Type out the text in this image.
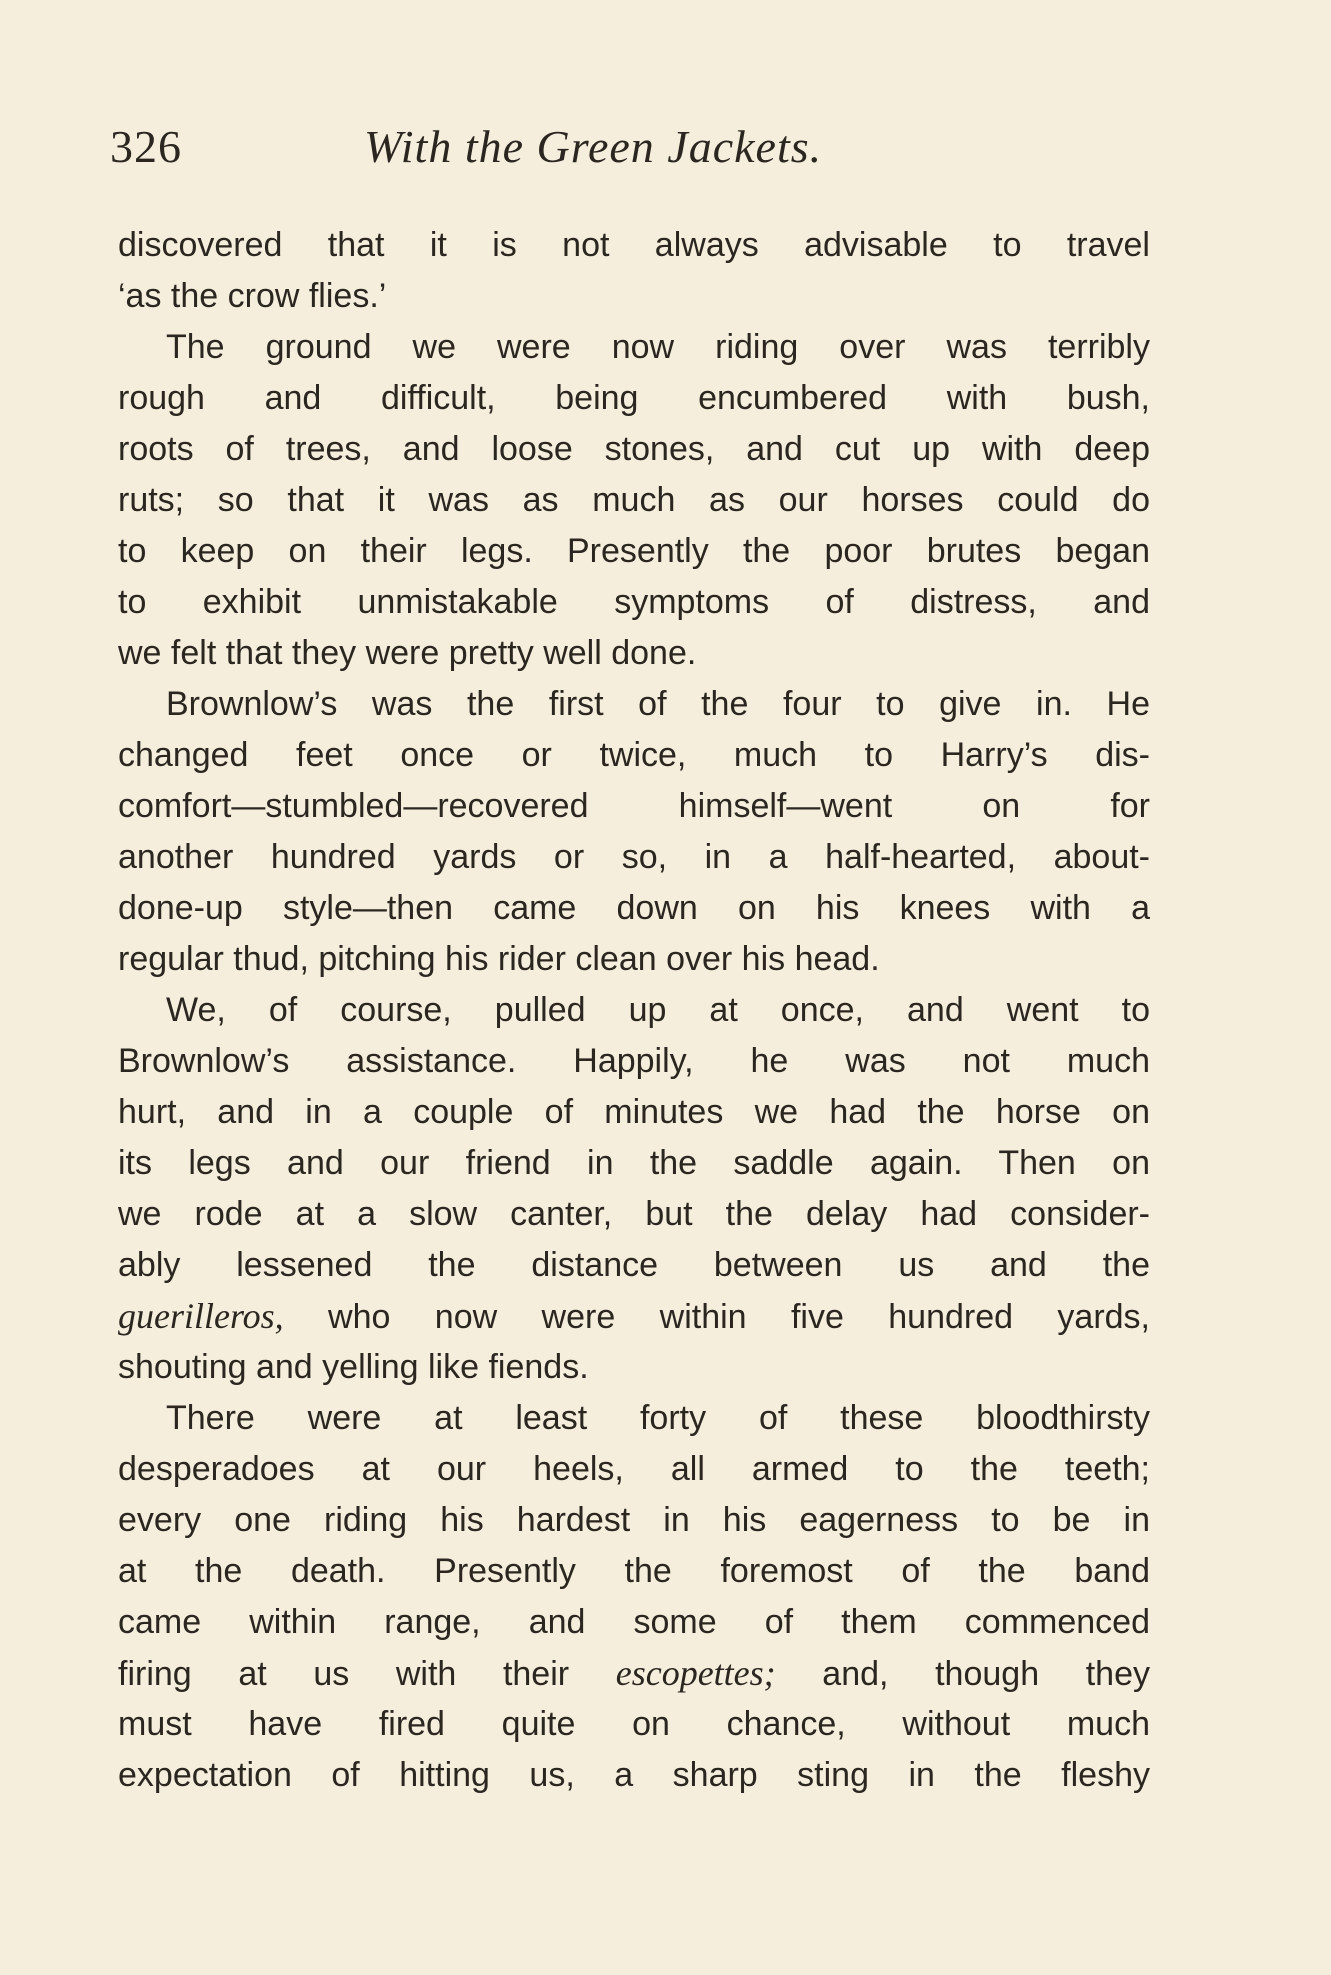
326	With the Green Jackets.
discovered that it is not always advisable to travel
‘as the crow flies.’
The ground we were now riding over was terribly
rough and difficult, being encumbered with bush,
roots of trees, and loose stones, and cut up with deep
ruts; so that it was as much as our horses could do
to keep on their legs. Presently the poor brutes began
to exhibit unmistakable symptoms of distress, and
we felt that they were pretty well done.
Brownlow’s was the first of the four to give in. He
changed feet once or twice, much to Harry’s dis-
comfort—stumbled—recovered himself—went on for
another hundred yards or so, in a half-hearted, about-
done-up style—then came down on his knees with a
regular thud, pitching his rider clean over his head.
We, of course, pulled up at once, and went to
Brownlow’s assistance. Happily, he was not much
hurt, and in a couple of minutes we had the horse on
its legs and our friend in the saddle again. Then on
we rode at a slow canter, but the delay had consider-
ably lessened the distance between us and the
guerilleros, who now were within five hundred yards,
shouting and yelling like fiends.
There were at least forty of these bloodthirsty
desperadoes at our heels, all armed to the teeth;
every one riding his hardest in his eagerness to be in
at the death. Presently the foremost of the band
came within range, and some of them commenced
firing at us with their escopettes; and, though they
must have fired quite on chance, without much
expectation of hitting us, a sharp sting in the fleshy
